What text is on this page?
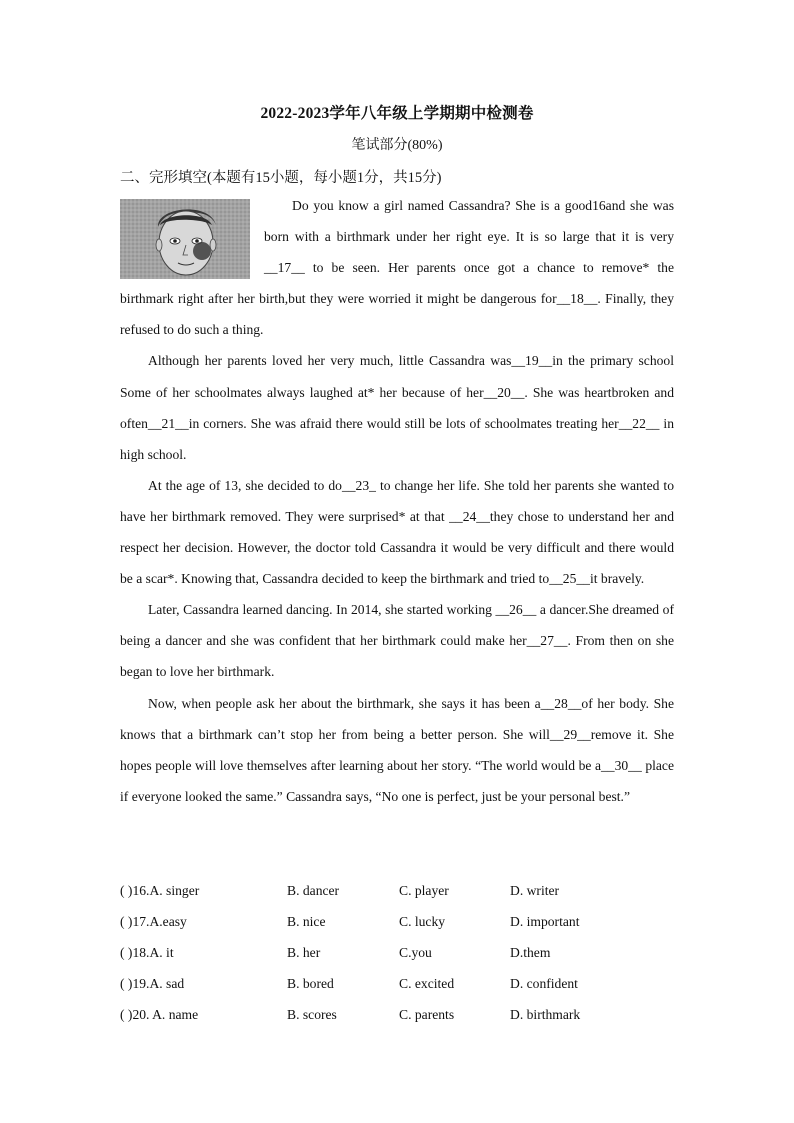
2022-2023学年八年级上学期期中检测卷
笔试部分(80%)
二、完形填空(本题有15小题，每小题1分，共15分)

Do you know a girl named Cassandra? She is a good16and she was born with a birthmark under her right eye. It is so large that it is very __17__ to be seen. Her parents once got a chance to remove* the birthmark right after her birth,but they were worried it might be dangerous for__18__. Finally, they refused to do such a thing.

Although her parents loved her very much, little Cassandra was__19__in the primary school Some of her schoolmates always laughed at* her because of her__20__. She was heartbroken and often__21__in corners. She was afraid there would still be lots of schoolmates treating her__22__ in high school.

At the age of 13, she decided to do__23_ to change her life. She told her parents she wanted to have her birthmark removed. They were surprised* at that __24__they chose to understand her and respect her decision. However, the doctor told Cassandra it would be very difficult and there would be a scar*. Knowing that, Cassandra decided to keep the birthmark and tried to__25__it bravely.

Later, Cassandra learned dancing. In 2014, she started working __26__ a dancer.She dreamed of being a dancer and she was confident that her birthmark could make her__27__. From then on she began to love her birthmark.

Now, when people ask her about the birthmark, she says it has been a__28__of her body. She knows that a birthmark can’t stop her from being a better person. She will__29__remove it. She hopes people will love themselves after learning about her story. “The world would be a__30__ place if everyone looked the same.” Cassandra says, “No one is perfect, just be your personal best.”

( )16.A. singer	B. dancer	C. player	D. writer
( )17.A.easy	B. nice	C. lucky	D. important
( )18.A. it	B. her	C.you	D.them
( )19.A. sad	B. bored	C. excited	D. confident
( )20. A. name	B. scores	C. parents	D. birthmark
